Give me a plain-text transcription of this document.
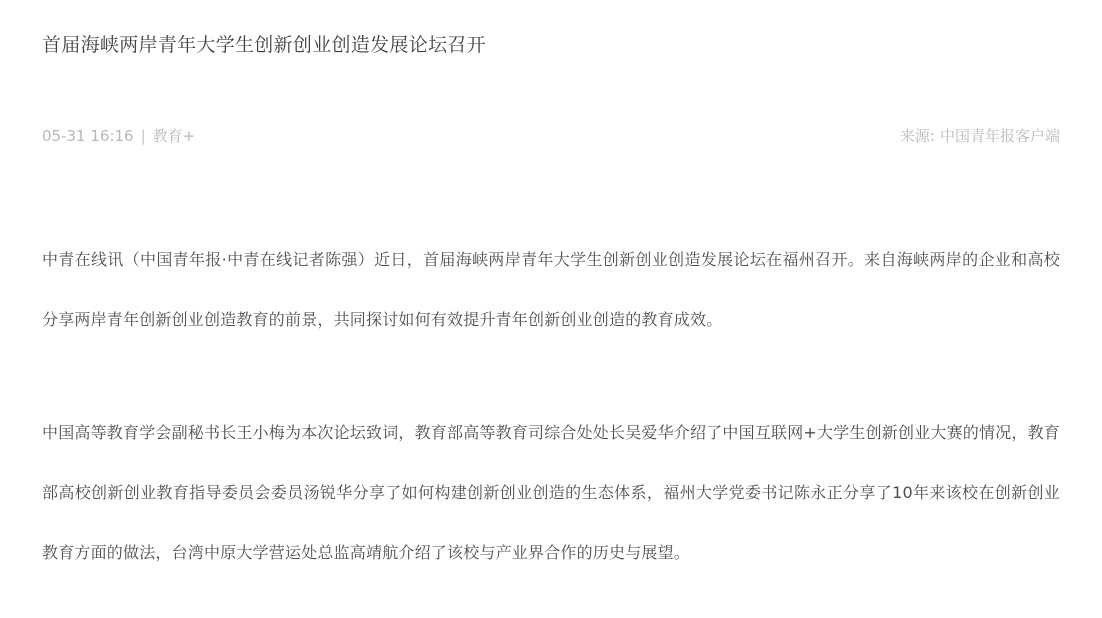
首届海峡两岸青年大学生创新创业创造发展论坛召开
05-31 16:16 | 教育+	来源: 中国青年报客户端

中青在线讯（中国青年报·中青在线记者陈强）近日，首届海峡两岸青年大学生创新创业创造发展论坛在福州召开。来自海峡两岸的企业和高校分享两岸青年创新创业创造教育的前景，共同探讨如何有效提升青年创新创业创造的教育成效。

中国高等教育学会副秘书长王小梅为本次论坛致词，教育部高等教育司综合处处长吴爱华介绍了中国互联网+大学生创新创业大赛的情况，教育部高校创新创业教育指导委员会委员汤锐华分享了如何构建创新创业创造的生态体系，福州大学党委书记陈永正分享了10年来该校在创新创业教育方面的做法，台湾中原大学营运处总监高靖航介绍了该校与产业界合作的历史与展望。
